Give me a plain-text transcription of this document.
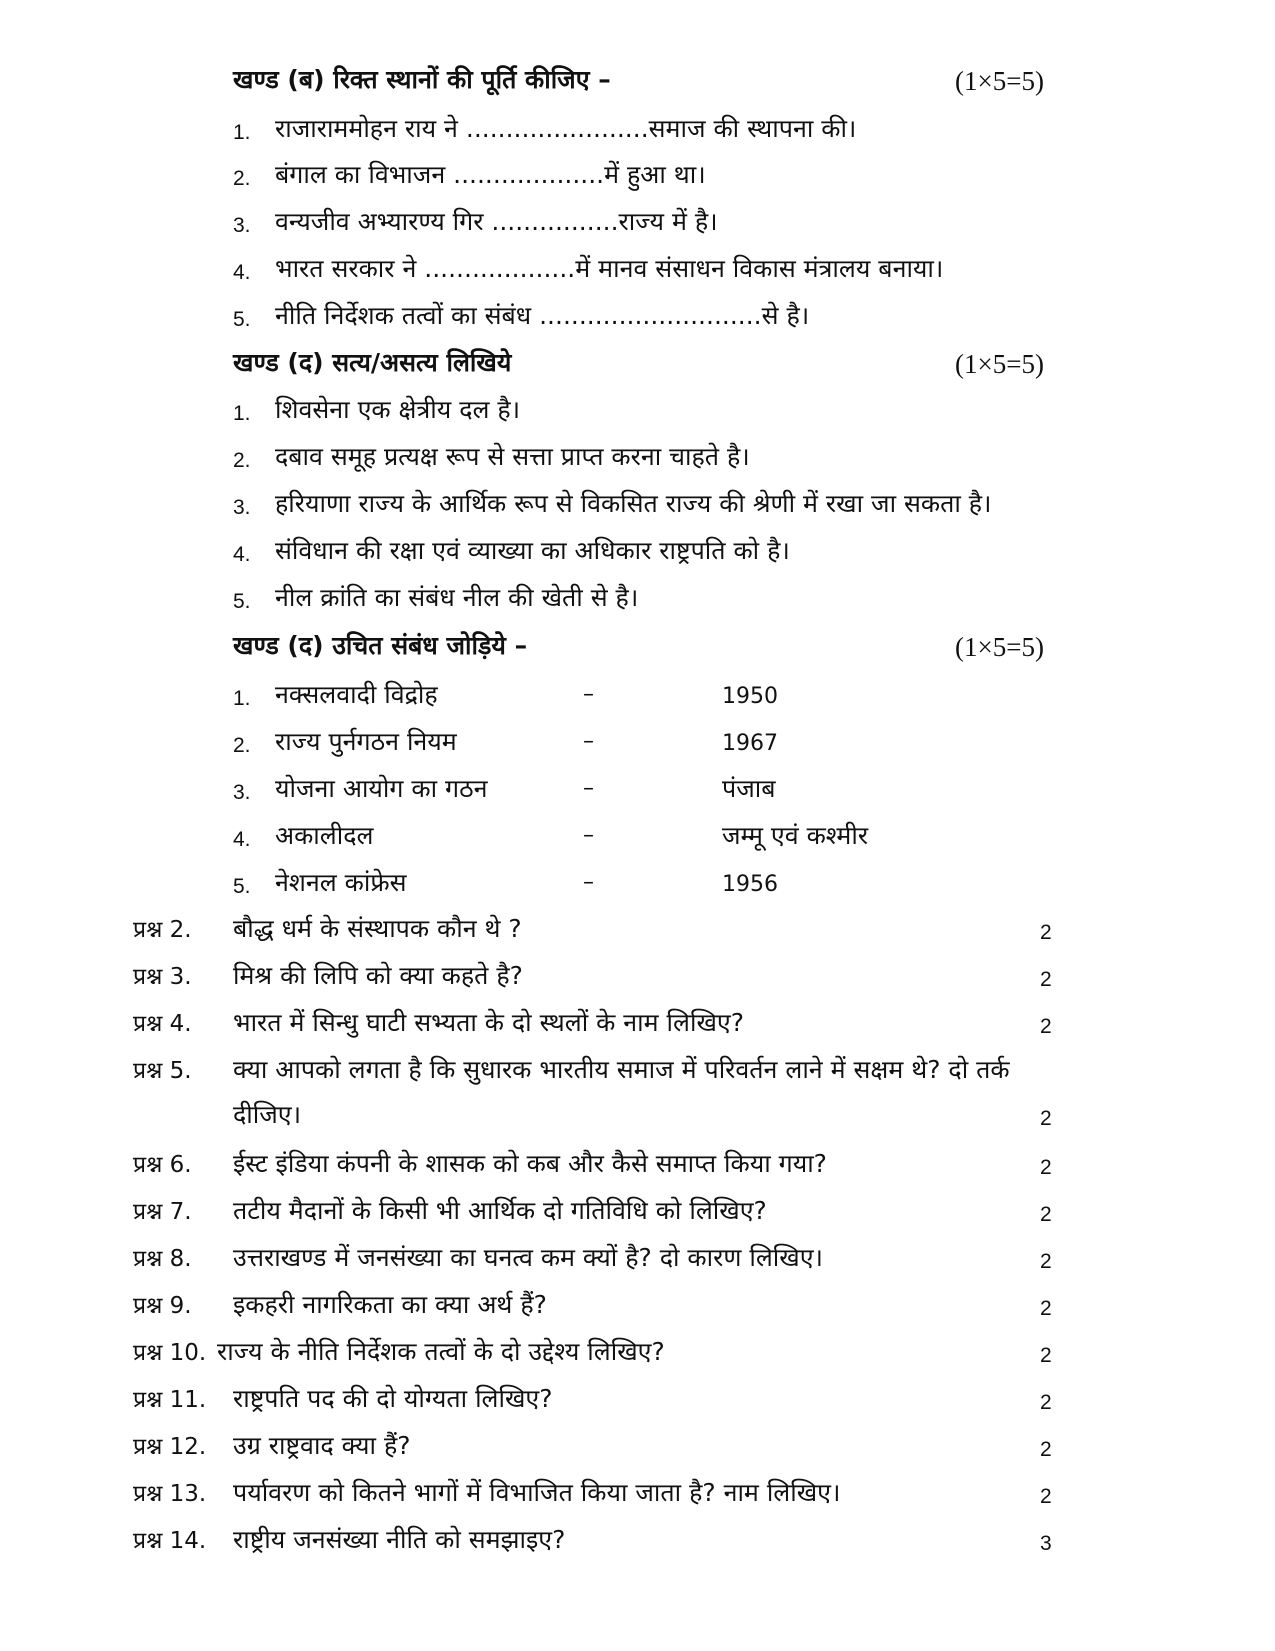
खण्ड (ब) रिक्त स्थानों की पूर्ति कीजिए –	(1×5=5)
1. राजाराममोहन राय ने .......................समाज की स्थापना की।
2. बंगाल का विभाजन ...................में हुआ था।
3. वन्यजीव अभ्यारण्य गिर ................राज्य में है।
4. भारत सरकार ने ...................में मानव संसाधन विकास मंत्रालय बनाया।
5. नीति निर्देशक तत्वों का संबंध ............................से है।
खण्ड (द) सत्य/असत्य लिखिये	(1×5=5)
1. शिवसेना एक क्षेत्रीय दल है।
2. दबाव समूह प्रत्यक्ष रूप से सत्ता प्राप्त करना चाहते है।
3. हरियाणा राज्य के आर्थिक रूप से विकसित राज्य की श्रेणी में रखा जा सकता है।
4. संविधान की रक्षा एवं व्याख्या का अधिकार राष्ट्रपति को है।
5. नील क्रांति का संबंध नील की खेती से है।
खण्ड (द) उचित संबंध जोड़िये –	(1×5=5)
1. नक्सलवादी विद्रोह	–	1950
2. राज्य पुर्नगठन नियम	–	1967
3. योजना आयोग का गठन	–	पंजाब
4. अकालीदल	–	जम्मू एवं कश्मीर
5. नेशनल कांफ्रेस	–	1956
प्रश्न 2. बौद्ध धर्म के संस्थापक कौन थे ?	2
प्रश्न 3. मिश्र की लिपि को क्या कहते है?	2
प्रश्न 4. भारत में सिन्धु घाटी सभ्यता के दो स्थलों के नाम लिखिए?	2
प्रश्न 5. क्या आपको लगता है कि सुधारक भारतीय समाज में परिवर्तन लाने में सक्षम थे? दो तर्क
दीजिए।	2
प्रश्न 6. ईस्ट इंडिया कंपनी के शासक को कब और कैसे समाप्त किया गया?	2
प्रश्न 7. तटीय मैदानों के किसी भी आर्थिक दो गतिविधि को लिखिए?	2
प्रश्न 8. उत्तराखण्ड में जनसंख्या का घनत्व कम क्यों है? दो कारण लिखिए।	2
प्रश्न 9. इकहरी नागरिकता का क्या अर्थ हैं?	2
प्रश्न 10. राज्य के नीति निर्देशक तत्वों के दो उद्देश्य लिखिए?	2
प्रश्न 11. राष्ट्रपति पद की दो योग्यता लिखिए?	2
प्रश्न 12. उग्र राष्ट्रवाद क्या हैं?	2
प्रश्न 13. पर्यावरण को कितने भागों में विभाजित किया जाता है? नाम लिखिए।	2
प्रश्न 14. राष्ट्रीय जनसंख्या नीति को समझाइए?	3
